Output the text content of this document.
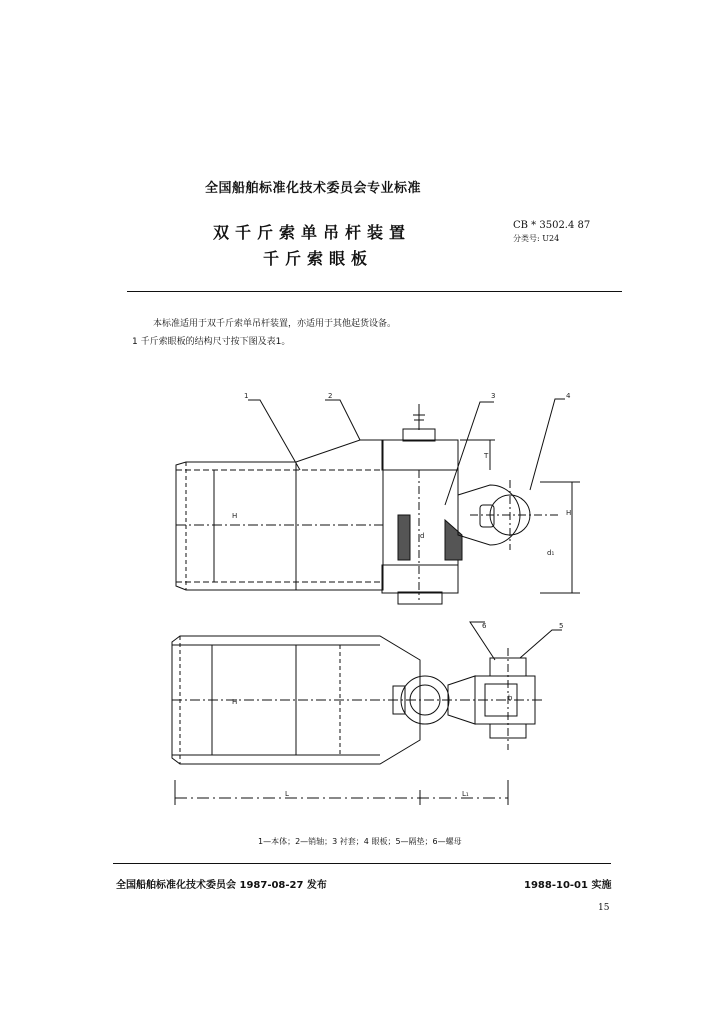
全国船舶标准化技术委员会专业标准
双千斤索单吊杆装置
千斤索眼板
CB * 3502.4 87
分类号: U24
本标准适用于双千斤索单吊杆装置，亦适用于其他起货设备。
1 千斤索眼板的结构尺寸按下图及表1。
H
T
H
d
d₁
1	2	3	4
H	b
6	5
L	L₁
1—本体；2—销轴；3 衬套；4 眼板；5—隔垫；6—螺母
全国船舶标准化技术委员会 1987-08-27 发布	1988-10-01 实施
15
